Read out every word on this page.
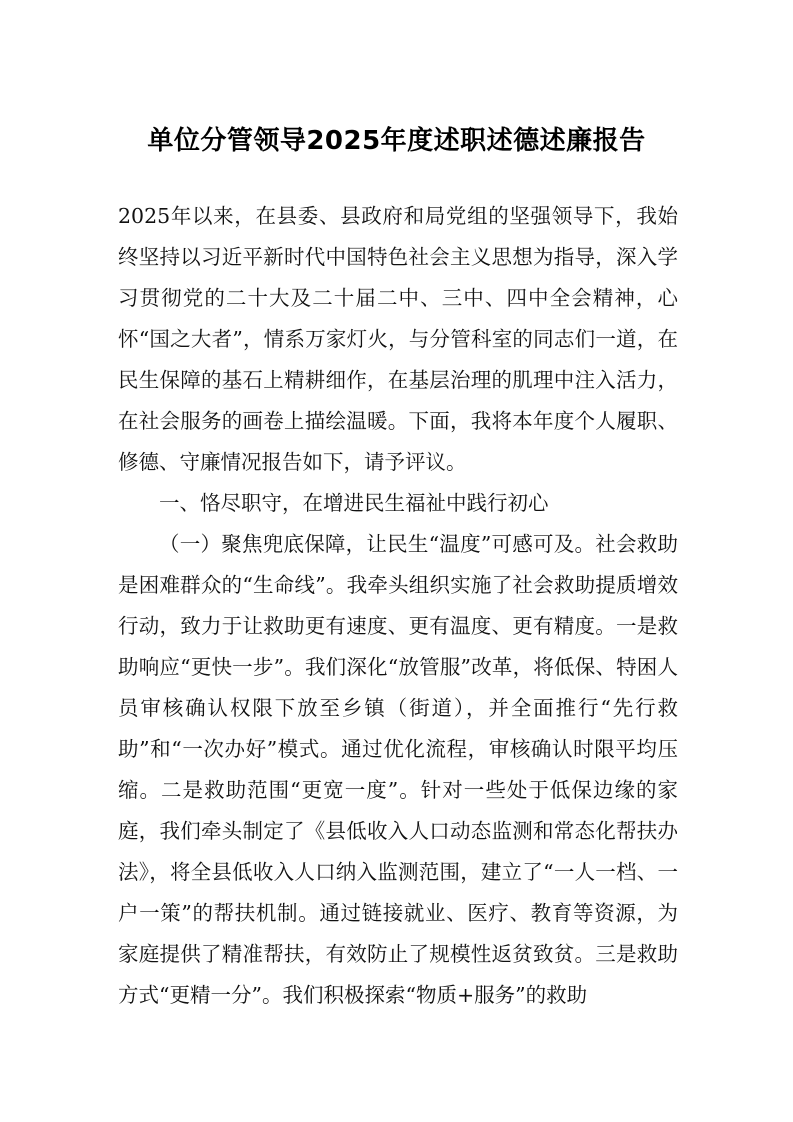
单位分管领导2025年度述职述德述廉报告

2025年以来，在县委、县政府和局党组的坚强领导下，我始终坚持以习近平新时代中国特色社会主义思想为指导，深入学习贯彻党的二十大及二十届二中、三中、四中全会精神，心怀“国之大者”，情系万家灯火，与分管科室的同志们一道，在民生保障的基石上精耕细作，在基层治理的肌理中注入活力，在社会服务的画卷上描绘温暖。下面，我将本年度个人履职、修德、守廉情况报告如下，请予评议。

一、恪尽职守，在增进民生福祉中践行初心

（一）聚焦兜底保障，让民生“温度”可感可及。社会救助是困难群众的“生命线”。我牵头组织实施了社会救助提质增效行动，致力于让救助更有速度、更有温度、更有精度。一是救助响应“更快一步”。我们深化“放管服”改革，将低保、特困人员审核确认权限下放至乡镇（街道），并全面推行“先行救助”和“一次办好”模式。通过优化流程，审核确认时限平均压缩。二是救助范围“更宽一度”。针对一些处于低保边缘的家庭，我们牵头制定了《县低收入人口动态监测和常态化帮扶办法》，将全县低收入人口纳入监测范围，建立了“一人一档、一户一策”的帮扶机制。通过链接就业、医疗、教育等资源，为家庭提供了精准帮扶，有效防止了规模性返贫致贫。三是救助方式“更精一分”。我们积极探索“物质+服务”的救助
